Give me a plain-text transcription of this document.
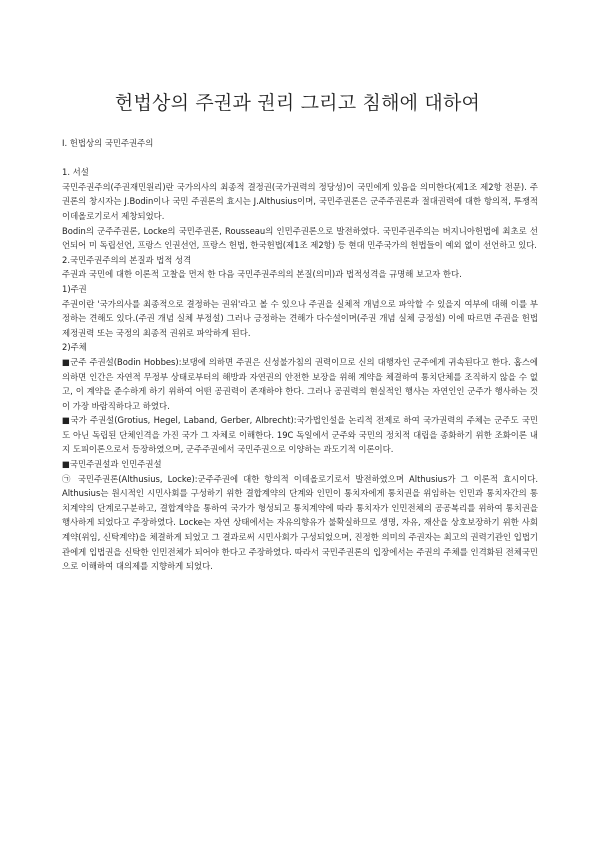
헌법상의 주권과 권리 그리고 침해에 대하여

Ⅰ. 헌법상의 국민주권주의

1. 서설

국민주권주의(주권재민원리)란 국가의사의 최종적 결정권(국가권력의 정당성)이 국민에게 있음을 의미한다(제1조 제2항 전문). 주권론의 창시자는 J.Bodin이나 국민 주권론의 효시는 J.Althusius이며, 국민주권론은 군주주권론과 절대권력에 대한 항의적, 투쟁적 이데올로기로서 제창되었다.

Bodin의 군주주권론, Locke의 국민주권론, Rousseau의 인민주권론으로 발전하였다. 국민주권주의는 버지니아헌법에 최초로 선언되어 미 독립선언, 프랑스 인권선언, 프랑스 헌법, 한국헌법(제1조 제2항) 등 현대 민주국가의 헌법들이 예외 없이 선언하고 있다.

2.국민주권주의의 본질과 법적 성격

주권과 국민에 대한 이론적 고찰을 먼저 한 다음 국민주권주의의 본질(의미)과 법적성격을 규명해 보고자 한다.

1)주권

주권이란 '국가의사를 최종적으로 결정하는 권위'라고 볼 수 있으나 주권을 실체적 개념으로 파악할 수 있을지 여부에 대해 이를 부정하는 견해도 있다.(주권 개념 실체 부정설) 그러나 긍정하는 견해가 다수설이며(주권 개념 실체 긍정설) 이에 따르면 주권을 헌법제정권력 또는 국정의 최종적 권위로 파악하게 된다.

2)주체

■군주 주권설(Bodin Hobbes):보댕에 의하면 주권은 신성불가침의 권력이므로 신의 대행자인 군주에게 귀속된다고 한다. 홉스에 의하면 인간은 자연적 무정부 상태로부터의 해방과 자연권의 안전한 보장을 위해 계약을 체결하여 통치단체를 조직하지 않을 수 없고, 이 계약을 준수하게 하기 위하여 어떤 공권력이 존재하야 한다. 그러나 공권력의 현실적인 행사는 자연인인 군주가 행사하는 것이 가장 바람직하다고 하였다.

■국가 주권설(Grotius, Hegel, Laband, Gerber, Albrecht):국가법인설을 논리적 전제로 하여 국가권력의 주체는 군주도 국민도 아닌 독립된 단체인격을 가진 국가 그 자체로 이해한다. 19C 독일에서 군주와 국민의 정치적 대립을 종화하기 위한 조화이론 내지 도피이론으로서 등장하였으며, 군주주권에서 국민주권으로 이양하는 과도기적 이론이다.

■국민주권설과 인민주권설

㉠ 국민주권론(Althusius, Locke):군주주권에 대한 항의적 이데올로기로서 발전하였으며 Althusius가 그 이론적 효시이다. Althusius는 원시적인 시민사회를 구성하기 위한 결합계약의 단계와 인민이 통치자에게 통치권을 위임하는 인민과 통치자간의 통치계약의 단계로구분하고, 결합계약을 통하여 국가가 형성되고 통치계약에 따라 통치자가 인민전체의 공공복리를 위하여 통치권을 행사하게 되었다고 주장하였다. Locke는 자연 상태에서는 자유의향유가 불확실하므로 생명, 자유, 재산을 상호보장하기 위한 사회계약(위임, 신탁계약)을 체결하게 되었고 그 결과로써 시민사회가 구성되었으며, 진정한 의미의 주권자는 최고의 권력기관인 입법기관에게 입법권을 신탁한 인민전체가 되어야 한다고 주장하였다. 따라서 국민주권론의 입장에서는 주권의 주체를 인격화된 전체국민으로 이해하여 대의제를 지향하게 되었다.
